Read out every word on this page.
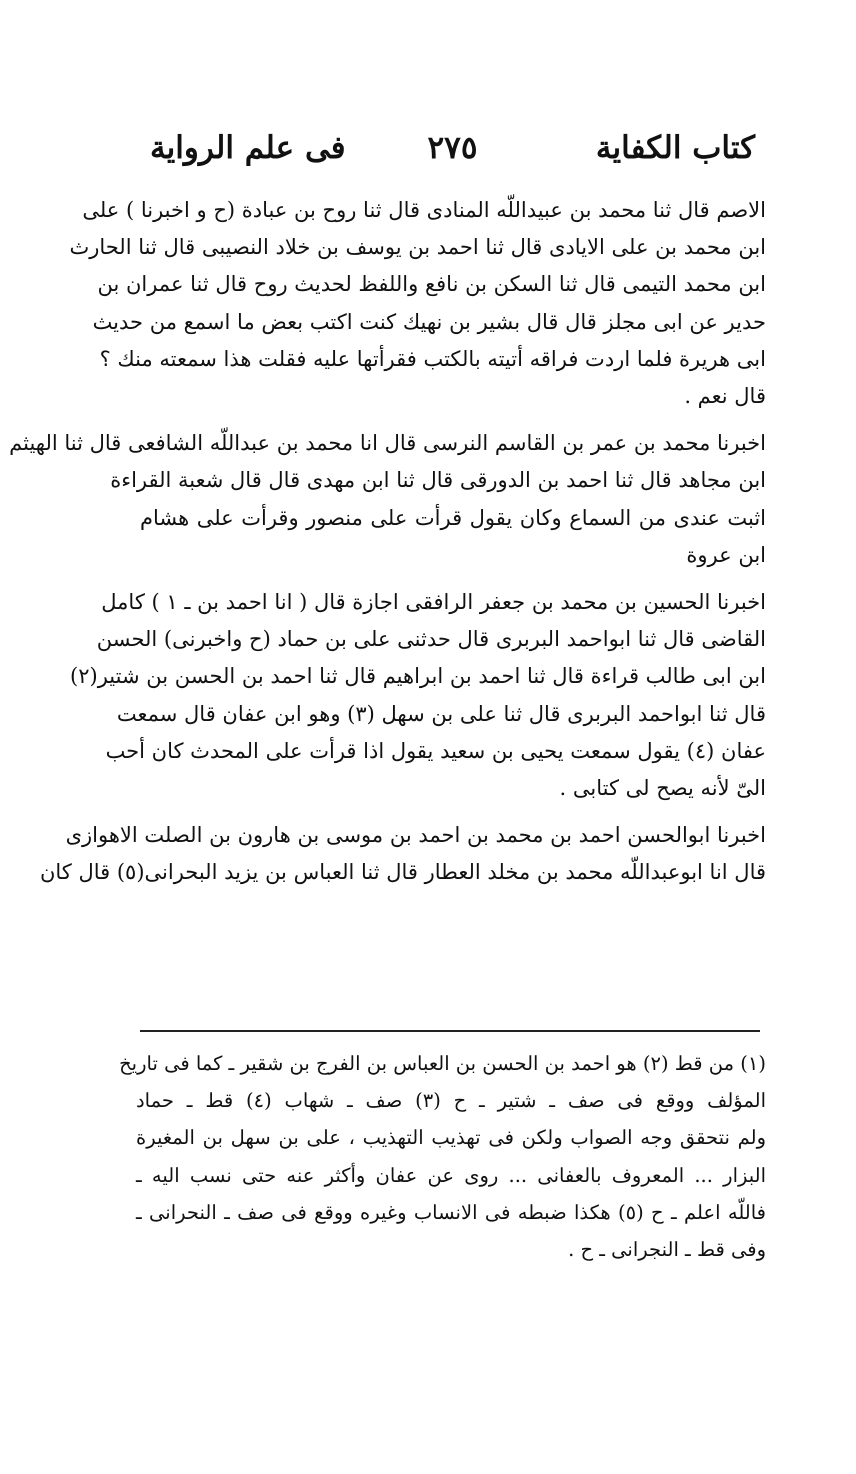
كتاب الكفاية
٢٧٥
فى علم الرواية
الاصم قال ثنا محمد بن عبيداللّه المنادى قال ثنا روح بن عبادة (ح و اخبرنا ) على
ابن محمد بن على الايادى قال ثنا احمد بن يوسف بن خلاد النصيبى قال ثنا الحارث
ابن محمد التيمى قال ثنا السكن بن نافع واللفظ لحديث روح قال ثنا عمران بن
حدير عن ابى مجلز قال قال بشير بن نهيك كنت اكتب بعض ما اسمع من حديث
ابى هريرة فلما اردت فراقه أتيته بالكتب فقرأتها عليه فقلت هذا سمعته منك ؟
قال نعم .
اخبرنا محمد بن عمر بن القاسم النرسى قال انا محمد بن عبداللّه الشافعى قال ثنا الهيثم
ابن مجاهد قال ثنا احمد بن الدورقى قال ثنا ابن مهدى قال قال شعبة القراءة
اثبت عندى من السماع وكان يقول قرأت على منصور وقرأت على هشام
ابن عروة
اخبرنا الحسين بن محمد بن جعفر الرافقى اجازة قال ( انا احمد بن ـ ١ ) كامل
القاضى قال ثنا ابواحمد البربرى قال حدثنى على بن حماد (ح واخبرنى) الحسن
ابن ابى طالب قراءة قال ثنا احمد بن ابراهيم قال ثنا احمد بن الحسن بن شتير(٢)
قال ثنا ابواحمد البربرى قال ثنا على بن سهل (٣) وهو ابن عفان قال سمعت
عفان (٤) يقول سمعت يحيى بن سعيد يقول اذا قرأت على المحدث كان أحب
الىّ لأنه يصح لى كتابى .
اخبرنا ابوالحسن احمد بن محمد بن احمد بن موسى بن هارون بن الصلت الاهوازى
قال انا ابوعبداللّه محمد بن مخلد العطار قال ثنا العباس بن يزيد البحرانى(٥) قال كان
(١) من قط (٢) هو احمد بن الحسن بن العباس بن الفرج بن شقير ـ كما فى تاريخ
المؤلف ووقع فى صف ـ شتير ـ ح (٣) صف ـ شهاب (٤) قط ـ حماد
ولم نتحقق وجه الصواب ولكن فى تهذيب التهذيب ، على بن سهل بن المغيرة
البزار ... المعروف بالعفانى ... روى عن عفان وأكثر عنه حتى نسب اليه ـ
فاللّه اعلم ـ ح (٥) هكذا ضبطه فى الانساب وغيره ووقع فى صف ـ النحرانى ـ
وفى قط ـ النجرانى ـ ح .
